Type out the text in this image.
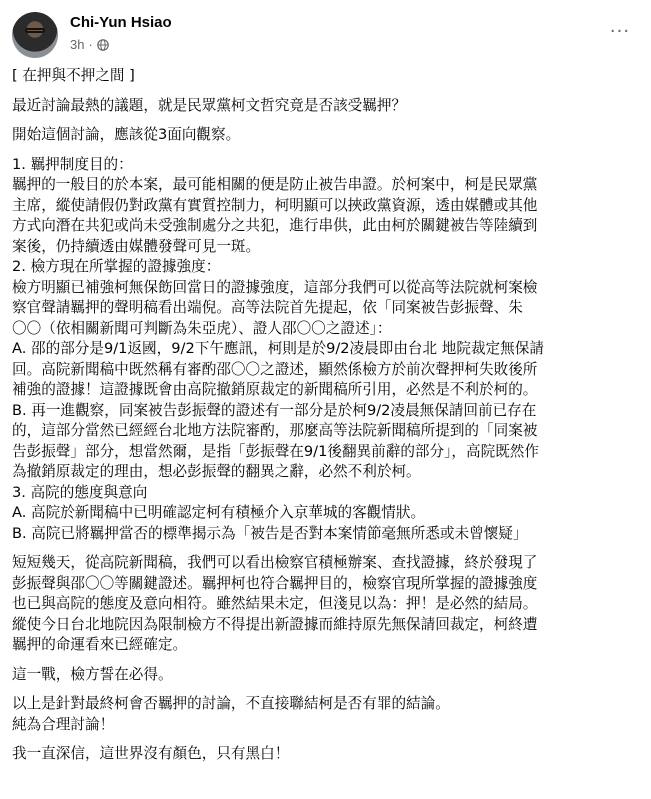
Chi-Yun Hsiao
3h ·
···

[ 在押與不押之間 ]

最近討論最熱的議題，就是民眾黨柯文哲究竟是否該受羈押？

開始這個討論，應該從3面向觀察。

1. 羈押制度目的：

羈押的一般目的於本案，最可能相關的便是防止被告串證。於柯案中，柯是民眾黨

主席，縱使請假仍對政黨有實質控制力，柯明顯可以挾政黨資源，透由媒體或其他

方式向潛在共犯或尚未受強制處分之共犯，進行串供，此由柯於關鍵被告等陸續到

案後，仍持續透由媒體發聲可見一斑。

2. 檢方現在所掌握的證據強度：

檢方明顯已補強柯無保飭回當日的證據強度，這部分我們可以從高等法院就柯案檢

察官聲請羈押的聲明稿看出端倪。高等法院首先提起，依「同案被告彭振聲、朱

〇〇（依相關新聞可判斷為朱亞虎）、證人邵〇〇之證述」：

A. 邵的部分是9/1返國，9/2下午應訊，柯則是於9/2凌晨即由台北 地院裁定無保請

回。高院新聞稿中既然稱有審酌邵〇〇之證述，顯然係檢方於前次聲押柯失敗後所

補強的證據！這證據既會由高院撤銷原裁定的新聞稿所引用，必然是不利於柯的。

B. 再一進觀察，同案被告彭振聲的證述有一部分是於柯9/2凌晨無保請回前已存在

的，這部分當然已經經台北地方法院審酌，那麼高等法院新聞稿所提到的「同案被

告彭振聲」部分，想當然爾，是指「彭振聲在9/1後翻異前辭的部分」，高院既然作

為撤銷原裁定的理由，想必彭振聲的翻異之辭，必然不利於柯。

3. 高院的態度與意向

A. 高院於新聞稿中已明確認定柯有積極介入京華城的客觀情狀。

B. 高院已將羈押當否的標準揭示為「被告是否對本案情節毫無所悉或未曾懷疑」

短短幾天，從高院新聞稿，我們可以看出檢察官積極辦案、查找證據，終於發現了

彭振聲與邵〇〇等關鍵證述。羈押柯也符合羈押目的，檢察官現所掌握的證據強度

也已與高院的態度及意向相符。雖然結果未定，但淺見以為：押！是必然的結局。

縱使今日台北地院因為限制檢方不得提出新證據而維持原先無保請回裁定，柯終遭

羈押的命運看來已經確定。

這一戰，檢方誓在必得。

以上是針對最終柯會否羈押的討論，不直接聯結柯是否有罪的結論。

純為合理討論！

我一直深信，這世界沒有顏色，只有黑白！
